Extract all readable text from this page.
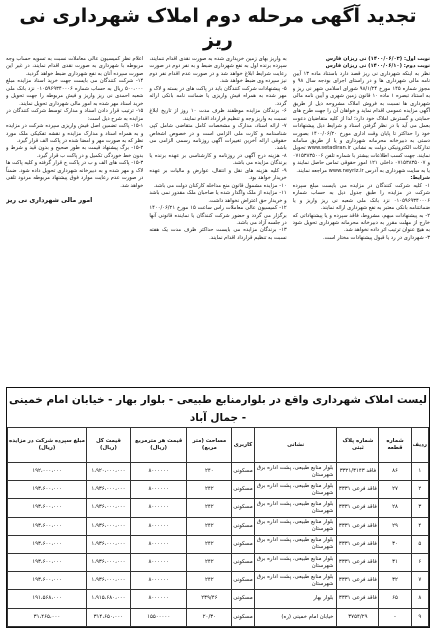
تجدید آگهی مرحله دوم املاک شهرداری نی ریز

نوبت اول: (۱۴۰۰/۰۶/۰۳) نی ریزان فارس

نوبت دوم: (۱۴۰۰/۰۶/۱۰) نی ریزان فارس

نظر به اینکه شهرداری نی ریز قصد دارد باستناد ماده ۱۳ آیین نامه مالی شهرداری ها و در راستای اجرای بودجه سال ۹۸ و مجوز شماره ۱۴۵ مورخ ۹۸/۱/۲۴ شورای اسلامی شهر نی ریز و به استناد تبصره ۱ ماده ۱۰ قانون زمین شهری و آیین نامه مالی شهرداری ها نسبت به فروش املاک مشروحه ذیل از طریق آگهی مزایده عمومی اقدام نماید و خواهان آن را جهت طرح های حمایتی و گسترش املاک خود دارد؛ لذا از کلیه متقاضیان دعوت بعمل می آید با در نظر گرفتن اسناد و شرایط ذیل پیشنهادات خود را حداکثر تا پایان وقت اداری مورخ ۱۴۰۰/۰۶/۲۰ بصورت دستی به دبیرخانه محرمانه شهرداری و یا از طریق سامانه تدارکات الکترونیکی دولت به نشانی www.setadiran.ir تحویل نمایند. جهت کسب اطلاعات بیشتر با شماره تلفن ۰۷۱۵۳۸۳۵۰۰۶ و ۰۷۱۵۳۸۳۵۰۰۷ داخلی ۱۲۱ امور حقوقی تماس حاصل نمایند و یا به سایت شهرداری به آدرس www.neyriz.ir مراجعه نمایند.

شرایط:

۱- کلیه شرکت کنندگان در مزایده می بایست مبلغ سپرده شرکت در مزایده را طبق جدول ذیل به حساب شماره ۰۱۰۵۹۶۹۳۴۰۰۰۶ نزد بانک ملی شعبه نی ریز واریز و یا ضمانتنامه بانکی معتبر به نفع شهرداری ارائه نمایند.

۲- به پیشنهادات مبهم، مشروط، فاقد سپرده و یا پیشنهاداتی که خارج از مهلت مقرر به دبیرخانه محرمانه شهرداری تحویل شود به هیچ عنوان ترتیب اثر داده نخواهد شد.

۳- شهرداری در رد یا قبول پیشنهادات مختار است.

به واریز بهای زمین خریداری شده به صورت نقدی اقدام ننمایند، سپرده برنده اول به نفع شهرداری ضبط و به نفر دوم در صورت رعایت شرایط ابلاغ خواهد شد و در صورت عدم اقدام نفر دوم نیز سپرده وی ضبط خواهد شد.

۵- پیشنهادات شرکت کنندگان باید در پاکت های در بسته و لاک و مهر شده به همراه فیش واریزی یا ضمانت نامه بانکی ارائه گردد.

۶- برندگان مزایده موظفند ظرف مدت ۱۰ روز از تاریخ ابلاغ نسبت به واریز وجه و تنظیم قرارداد اقدام نمایند.

۷- ارائه اسناد، مدارک و مشخصات کامل متقاضی شامل کپی شناسنامه و کارت ملی الزامی است و در خصوص اشخاص حقوقی ارائه آخرین تغییرات آگهی روزنامه رسمی الزامی می باشد.

۸- هزینه درج آگهی در روزنامه و کارشناسی بر عهده برنده یا برندگان مزایده می باشد.

۹- کلیه هزینه های نقل و انتقال، عوارض و مالیات بر عهده خریدار خواهد بود.

۱۰- مزایده مشمول قانون منع مداخله کارکنان دولت می باشد.

۱۱- مزایده از ملک واگذار شده یا صاحبان ملک مقدور نمی باشد و خریدار حق اعتراض نخواهد داشت.

۱۲- کمیسیون عالی معاملات راس ساعت ۱۵ مورخ ۱۴۰۰/۰۶/۲۱ برگزار می گردد و حضور شرکت کنندگان یا نماینده قانونی آنها در جلسه آزاد می باشد.

۱۳- برندگان مزایده می بایست حداکثر ظرف مدت یک هفته نسبت به تنظیم قرارداد اقدام نمایند.

اعلام نظر کمیسیون عالی معاملات نسبت به تسویه حساب وجه مربوطه با شهرداری به صورت نقدی اقدام نمایند، در غیر این صورت سپرده آنان به نفع شهرداری ضبط خواهد گردید.

۱۴- شرکت کنندگان می بایست جهت خرید اسناد مزایده مبلغ ۵۰۰،۰۰۰ ریال به حساب شماره ۰۱۰۵۹۶۹۳۴۰۰۰۶ نزد بانک ملی شعبه احمدی نی ریز واریز و فیش مربوطه را جهت تحویل و خرید اسناد مهر شده به امور مالی شهرداری تحویل نمایند.

۱۵- ترتیب قرار دادن اسناد و مدارک توسط شرکت کنندگان در مزایده به شرح ذیل است:

۱۵-۱- پاکت تضمین اصل فیش واریزی سپرده شرکت در مزایده و به همراه اسناد و مدارک مزایده و نقشه تفکیکی ملک مورد نظر که به صورت مهر و امضا شده در پاکت الف قرار گیرد.

۱۵-۲- برگ پیشنهاد قیمت به طور صحیح و بدون قید و شرط و بدون خط خوردگی تکمیل و در پاکت ب قرار گیرد.

۱۵-۳- پاکت های الف و ب در پاکت ج قرار گرفته و کلیه پاکت ها لاک و مهر شده و به دبیرخانه شهرداری تحویل داده شود. ضمناً در صورت عدم رعایت موارد فوق پیشنهاد مربوطه مردود تلقی خواهد شد.

امور مالی شهرداری نی ریز

لیست املاک شهرداری واقع در بلوارمنابع طبیعی - بلوار بهار - خیابان امام خمینی - جمال آباد
ردیف	شماره قطعه	شماره پلاک ثبتی	نشانی	کاربری	مساحت (متر مربع)	قیمت هر مترمربع (ریال)	قیمت کل (ریال)	مبلغ سپرده شرکت در مزایده (ریال)
۱	۸۶	فاقد ۳۳۲۱/۳۱۴۳	بلوار منابع طبیعی، پشت اداره برق شهرستان	مسکونی	۲۴۰	۸۰۰۰۰۰۰	۱،۹۲۰،۰۰۰،۰۰۰	۱۹۲،۰۰۰،۰۰۰
۲	۲۷	فاقد فرعی ۳۳۳۱	بلوار منابع طبیعی، پشت اداره برق شهرستان	مسکونی	۲۴۲	۸۰۰۰۰۰۰	۱،۹۳۶،۰۰۰،۰۰۰	۱۹۳،۶۰۰،۰۰۰
۳	۲۸	فاقد فرعی ۳۳۳۱	بلوار منابع طبیعی، پشت اداره برق شهرستان	مسکونی	۲۴۲	۸۰۰۰۰۰۰	۱،۹۳۶،۰۰۰،۰۰۰	۱۹۳،۶۰۰،۰۰۰
۴	۲۹	فاقد فرعی ۳۳۳۱	بلوار منابع طبیعی، پشت اداره برق شهرستان	مسکونی	۲۴۲	۸۰۰۰۰۰۰	۱،۹۳۶،۰۰۰،۰۰۰	۱۹۳،۶۰۰،۰۰۰
۵	۳۰	فاقد فرعی ۳۳۳۱	بلوار منابع طبیعی، پشت اداره برق شهرستان	مسکونی	۲۴۲	۸۰۰۰۰۰۰	۱،۹۳۶،۰۰۰،۰۰۰	۱۹۳،۶۰۰،۰۰۰
۶	۳۱	فاقد فرعی ۳۳۳۱	بلوار منابع طبیعی، پشت اداره برق شهرستان	مسکونی	۲۴۲	۸۰۰۰۰۰۰	۱،۹۳۶،۰۰۰،۰۰۰	۱۹۳،۶۰۰،۰۰۰
۷	۳۲	فاقد فرعی ۳۳۳۱	بلوار منابع طبیعی، پشت اداره برق شهرستان	مسکونی	۲۴۲	۸۰۰۰۰۰۰	۱،۹۳۶،۰۰۰،۰۰۰	۱۹۳،۶۰۰،۰۰۰
۸	۶۵	فاقد فرعی ۳۳۳۱	بلوار بهار	مسکونی	۲۳۹/۴۶	۸۰۰۰۰۰۰	۱،۹۱۵،۶۸۰،۰۰۰	۱۹۱،۵۶۸،۰۰۰
۹	-	۳۷۵۴/۲۹	خیابان امام خمینی (ره)	مسکونی	۲۰/۳۰	۱۵۵۰۰۰۰۰	۳۱۴،۶۵۰،۰۰۰	۳۱،۴۶۵،۰۰۰
